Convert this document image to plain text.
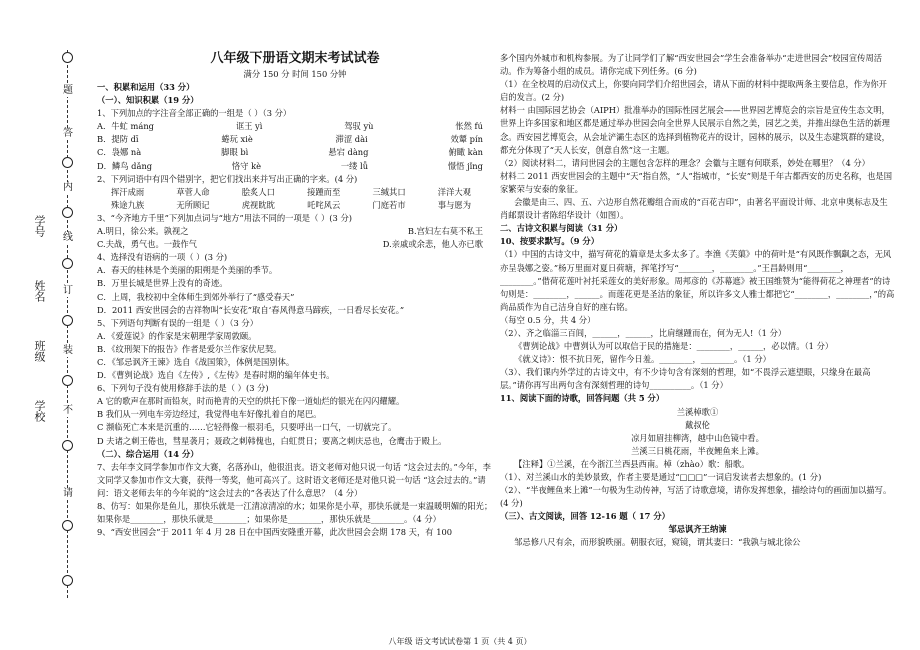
题
答
内
线
订
装
不
请
学号
姓名
班级
学校

八年级下册语文期末考试试卷

满分 150 分 时间 150 分钟

一、积累和运用（33 分）

（一）、知识积累（19 分）

1、下列加点的字注音全部正确的一组是（ ）（3 分）

A．牛虻 máng	诓王 yì	驾驭 yù	怅然 fú
B．提防 dī	蜷玩 xiè	滞涩 dài	效颦 pín
C．袅娜 nà	脚眼 bì	悬宕 dàng	俯瞰 kàn
D．鳞鸟 dǎng	恪守 kè	一缕 lǚ	憬悟 jǐng

2、下列词语中有四个错别字，把它们找出来并写出正确的字来。(4 分)

挥汗成雨	草菅人命	脍炙人口	接踵而至	三缄其口	洋洋大观
殊途九族	无所顾记	虎视眈眈	吒咤风云	门庭若市	事与愿为

3、“今齐地方千里”下列加点词与“地方”用法不同的一项是（ ）(3 分)

A.明日，徐公来。孰视之	B.宫妇左右莫不私王
C.夫战，勇气也。一鼓作气	D.亲戚或余悲，他人亦已歌

4、选择没有语病的一项（ ）(3 分)

A．春天的桂林是个美丽的阳朔是个美丽的季节。

B．万里长城是世界上没有的奇迹。

C．上周，我校初中全体师生到郊外举行了“感受春天”

D．2011 西安世园会的吉祥物叫“长安花”取自‘春风得意马蹄疾，一日看尽长安花。”

5、下列语句判断有误的一组是（ ）（3 分）

A．《爱莲说》的作家是宋朝理学家周敦颐。

B．《纹刑架下的报告》作者是爱尔兰作家伏尼契。

C．《邹忌讽齐王谏》选自《战国策》，体例是国别体。

D．《曹刿论战》选自《左传》,《左传》是春时期的编年体史书。

6、下列句子没有使用修辞手法的是（ ）(3 分)

A 它的歌声在那时而铅灰，时而艳青的天空的烘托下像一道灿烂的银光在闪闪耀耀。

B 我们从一列电车旁边经过，我觉得电车好像扎着自的尾巴。

C 濒临死亡本来是沉重的……它轻得像一根羽毛，只要呼出一口气，一切就完了。

D 夫诸之刺王倦也，彗星袭月；聂政之刺韩傀也，白虹贯日；要离之刺庆忌也，仓鹰击于殿上。

（二）、综合运用（14 分）

7、去年李文同学参加市作文大赛，名落孙山，他很沮丧。语文老师对他只说一句话 “这会过去的。”今年，李文同学又参加市作文大赛，获得一等奖，他可高兴了。这时语文老师还是对他只说一句话 “这会过去的。”请问：语文老师去年的今年说的“这会过去的”各表达了什么意思？（4 分）

8、仿写：如果你是鱼儿，那快乐就是一江清凉清凉的水；如果你是小草，那快乐就是一束温暖明媚的阳光；如果你是________，那快乐就是________；如果你是________，那快乐就是________。（4 分）

9、“西安世园会”于 2011 年 4 月 28 日在中国西安隆重开幕，此次世园会会期 178 天，有 100

多个国内外城市和机构参展。为了让同学们了解“西安世园会”学生会准备举办“走进世园会”校园宣传周活动。作为筹备小组的成员。请你完成下列任务。(6 分)

（1）在全校周的启动仪式上，你要向同学们介绍世园会，请从下面的材料中提取两条主要信息，作为你开启的发言。(2 分)

材料一 由国际园艺协会（AIPH）批准举办的国际性园艺展会——世界园艺博览会的宗旨是宣传生态文明，世界上许多国家和地区都是通过举办世园会向全世界人民展示自然之美，园艺之美，并推出绿色生活的新理念。西安园艺博览会，从会址浐灞生态区的选择到植物花卉的设计，园林的展示，以及生态建筑群的建设，都充分体现了“天人长安，创意自然”这一主题。

（2）阅读材料二，请问世园会的主题包含怎样的理念？会徽与主题有何联系，妙处在哪里？（4 分）

材料二 2011 西安世园会的主题中“天”指自然，“人”指城市，“长安”则是千年古都西安的历史名称，也是国家繁荣与安泰的象征。

会徽是由三、四、五、六边形自然花瓣组合而成的“百花吉印”，由著名平面设计师、北京申奥标志及生肖邮票设计者陈绍华设计（如图）。

二、古诗文积累与阅读（31 分）

10、按要求默写。（9 分）

（1）中国的古诗文中，描写荷花的篇章是太多太多了。李渔《芙蕖》中的荷叶是“有风既作飘飖之态，无风亦呈袅娜之姿。”杨万里面对夏日荷塘，挥笔抒写“________，________。”王昌龄则用“________，________。”借荷花莲叶衬托采莲女的美好形象。周邦彦的《苏幕遮》被王国维赞为“能得荷花之神理者”的诗句则是：________，______。而莲花更是圣洁的象征，所以许多文人雅士都把它“________，________，”的高尚品质作为自己洁身自好的座右铭。

（每空 0.5 分，共 4 分）

（2）、齐之临淄三百闾，______，______，比肩继踵而在，何为无人!（1 分）

《曹刿论战》中曹刿认为可以取信于民的措施是：________，______，必以情。（1 分）

《就义诗》：恨不抗日死，留作今日羞。________，________。（1 分）

（3）、我们课内外学过的古诗文中，有不少诗句含有深刻的哲理，如“不畏浮云遮望眼，只缘身在最高层。”请你再写出两句含有深刻哲理的诗句__________。（1 分）

11、阅读下面的诗歌，回答问题（共 5 分）

兰溪棹歌①

戴叔伦

凉月如眉挂柳湾，越中山色镜中看。

兰溪三日桃花雨，半夜鲤鱼来上滩。

【注释】①兰溪，在今浙江兰西县西南。棹（zhào）歌：船歌。

（1）、对兰溪山水的美妙景致，作者主要是通过“□□□”一词启发读者去想象的。(1 分)

（2）、“半夜鲤鱼来上滩”一句极为生动传神，写活了诗歌意境，请你发挥想象，描绘诗句的画面加以描写。(4 分)

（三）、古文阅读，回答 12-16 题（ 17 分）

邹忌讽齐王纳谏

邹忌修八尺有余，而形貌昳丽。朝服衣冠，窥镜，谓其妻曰：“我孰与城北徐公

八年级 语文考试试卷第 1 页（共 4 页）
